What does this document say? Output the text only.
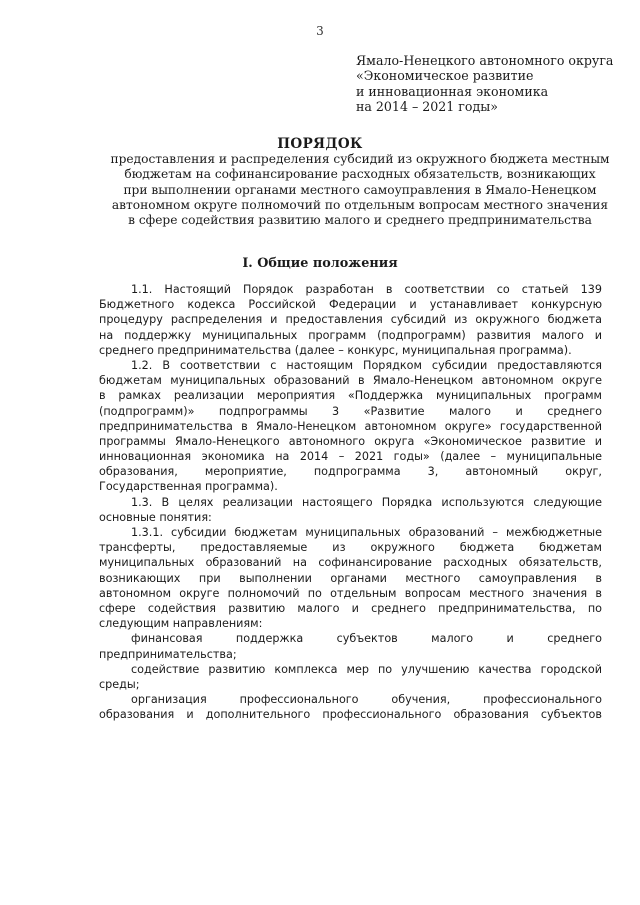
3
Ямало-Ненецкого автономного округа
«Экономическое развитие
и инновационная экономика
на 2014 – 2021 годы»
ПОРЯДОК
предоставления и распределения субсидий из окружного бюджета местным
бюджетам на софинансирование расходных обязательств, возникающих
при выполнении органами местного самоуправления в Ямало-Ненецком
автономном округе полномочий по отдельным вопросам местного значения
в сфере содействия развитию малого и среднего предпринимательства
I. Общие положения
1.1. Настоящий Порядок разработан в соответствии со статьей 139
Бюджетного кодекса Российской Федерации и устанавливает конкурсную
процедуру распределения и предоставления субсидий из окружного бюджета
на поддержку муниципальных программ (подпрограмм) развития малого и
среднего предпринимательства (далее – конкурс, муниципальная программа).
1.2. В соответствии с настоящим Порядком субсидии предоставляются
бюджетам муниципальных образований в Ямало-Ненецком автономном округе
в рамках реализации мероприятия «Поддержка муниципальных программ
(подпрограмм)» подпрограммы 3 «Развитие малого и среднего
предпринимательства в Ямало-Ненецком автономном округе» государственной
программы Ямало-Ненецкого автономного округа «Экономическое развитие и
инновационная экономика на 2014 – 2021 годы» (далее – муниципальные
образования, мероприятие, подпрограмма 3, автономный округ,
Государственная программа).
1.3. В целях реализации настоящего Порядка используются следующие
основные понятия:
1.3.1. субсидии бюджетам муниципальных образований – межбюджетные
трансферты, предоставляемые из окружного бюджета бюджетам
муниципальных образований на софинансирование расходных обязательств,
возникающих при выполнении органами местного самоуправления в
автономном округе полномочий по отдельным вопросам местного значения в
сфере содействия развитию малого и среднего предпринимательства, по
следующим направлениям:
финансовая поддержка субъектов малого и среднего
предпринимательства;
содействие развитию комплекса мер по улучшению качества городской
среды;
организация профессионального обучения, профессионального
образования и дополнительного профессионального образования субъектов
